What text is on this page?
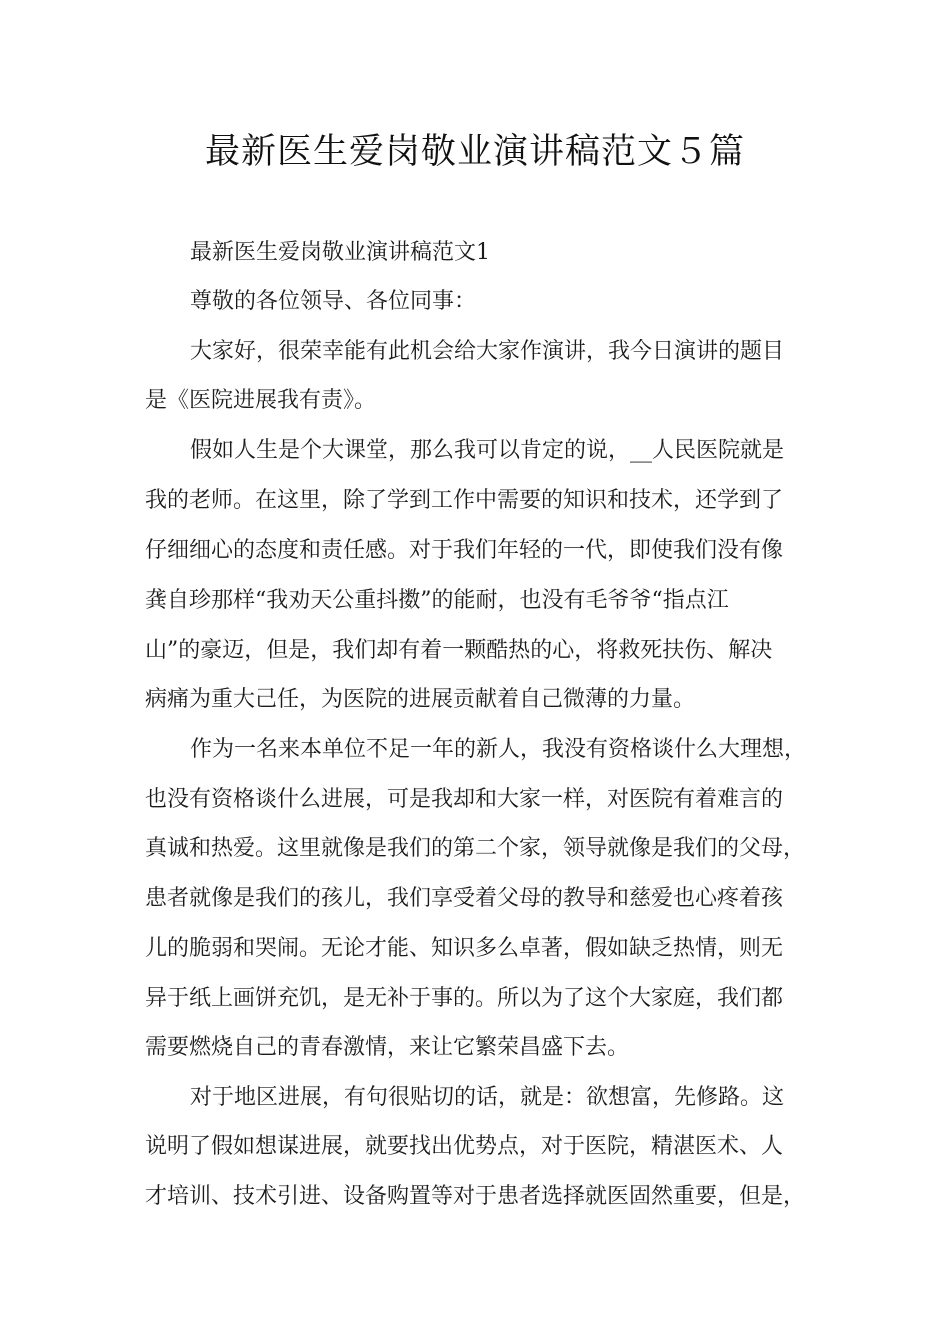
最新医生爱岗敬业演讲稿范文５篇

最新医生爱岗敬业演讲稿范文1

尊敬的各位领导、各位同事：

大家好，很荣幸能有此机会给大家作演讲，我今日演讲的题目

是《医院进展我有责》。

假如人生是个大课堂，那么我可以肯定的说，__人民医院就是

我的老师。在这里，除了学到工作中需要的知识和技术，还学到了

仔细细心的态度和责任感。对于我们年轻的一代，即使我们没有像

龚自珍那样“我劝天公重抖擞”的能耐，也没有毛爷爷“指点江

山”的豪迈，但是，我们却有着一颗酷热的心，将救死扶伤、解决

病痛为重大己任，为医院的进展贡献着自己微薄的力量。

作为一名来本单位不足一年的新人，我没有资格谈什么大理想，

也没有资格谈什么进展，可是我却和大家一样，对医院有着难言的

真诚和热爱。这里就像是我们的第二个家，领导就像是我们的父母，

患者就像是我们的孩儿，我们享受着父母的教导和慈爱也心疼着孩

儿的脆弱和哭闹。无论才能、知识多么卓著，假如缺乏热情，则无

异于纸上画饼充饥，是无补于事的。所以为了这个大家庭，我们都

需要燃烧自己的青春激情，来让它繁荣昌盛下去。

对于地区进展，有句很贴切的话，就是：欲想富，先修路。这

说明了假如想谋进展，就要找出优势点，对于医院，精湛医术、人

才培训、技术引进、设备购置等对于患者选择就医固然重要，但是，
